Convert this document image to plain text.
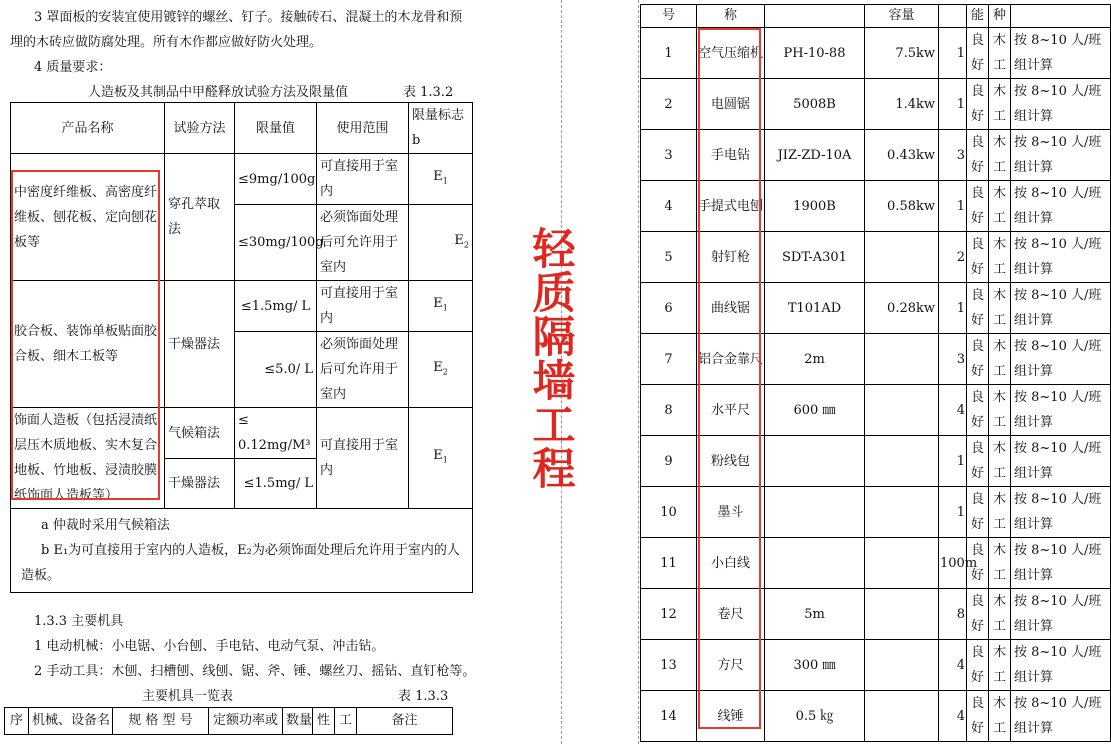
3 罩面板的安装宜使用镀锌的螺丝、钉子。接触砖石、混凝土的木龙骨和预
埋的木砖应做防腐处理。所有木作都应做好防火处理。
4 质量要求：
人造板及其制品中甲醛释放试验方法及限量值	表 1.3.2
产品名称	试验方法	限量值	使用范围	限量标志b
中密度纤维板、高密度纤维板、刨花板、定向刨花板等	穿孔萃取法	≤9mg/100g	可直接用于室内	$E_1$
		≤30mg/100g	必须饰面处理后可允许用于室内	$E_2$
胶合板、装饰单板贴面胶合板、细木工板等	干燥器法	≤1.5mg/ L	可直接用于室内	$E_1$
		≤5.0/ L	必须饰面处理后可允许用于室内	$E_2$
饰面人造板（包括浸渍纸层压木质地板、实木复合地板、竹地板、浸渍胶膜纸饰面人造板等）	气候箱法	≤ 0.12mg/M³	可直接用于室内	$E_1$
	干燥器法	≤1.5mg/ L		

a 仲裁时采用气候箱法
b E₁为可直接用于室内的人造板，E₂为必须饰面处理后允许用于室内的人造板。				
1.3.3 主要机具
1 电动机械：小电锯、小台刨、手电钻、电动气泵、冲击钻。
2 手动工具：木刨、扫槽刨、线刨、锯、斧、锤、螺丝刀、摇钻、直钉枪等。
主要机具一览表	表 1.3.3
序	机械、设备名	规 格 型 号	定额功率或	数量	性	工	备注
轻
质
隔
墙
工
程
号	称		容量		能	种	
1	空气压缩机	PH-10-88	7.5kw	1	良好	木工	按 8~10 人/班组计算
2	电圆锯	5008B	1.4kw	1	良好	木工	按 8~10 人/班组计算
3	手电钻	JIZ-ZD-10A	0.43kw	3	良好	木工	按 8~10 人/班组计算
4	手提式电刨	1900B	0.58kw	1	良好	木工	按 8~10 人/班组计算
5	射钉枪	SDT-A301		2	良好	木工	按 8~10 人/班组计算
6	曲线锯	T101AD	0.28kw	1	良好	木工	按 8~10 人/班组计算
7	铝合金靠尺	2m		3	良好	木工	按 8~10 人/班组计算
8	水平尺	600 ㎜		4	良好	木工	按 8~10 人/班组计算
9	粉线包			1	良好	木工	按 8~10 人/班组计算
10	墨斗			1	良好	木工	按 8~10 人/班组计算
11	小白线			100m	良好	木工	按 8~10 人/班组计算
12	卷尺	5m		8	良好	木工	按 8~10 人/班组计算
13	方尺	300 ㎜		4	良好	木工	按 8~10 人/班组计算
14	线锤	0.5 ㎏		4	良好	木工	按 8~10 人/班组计算
